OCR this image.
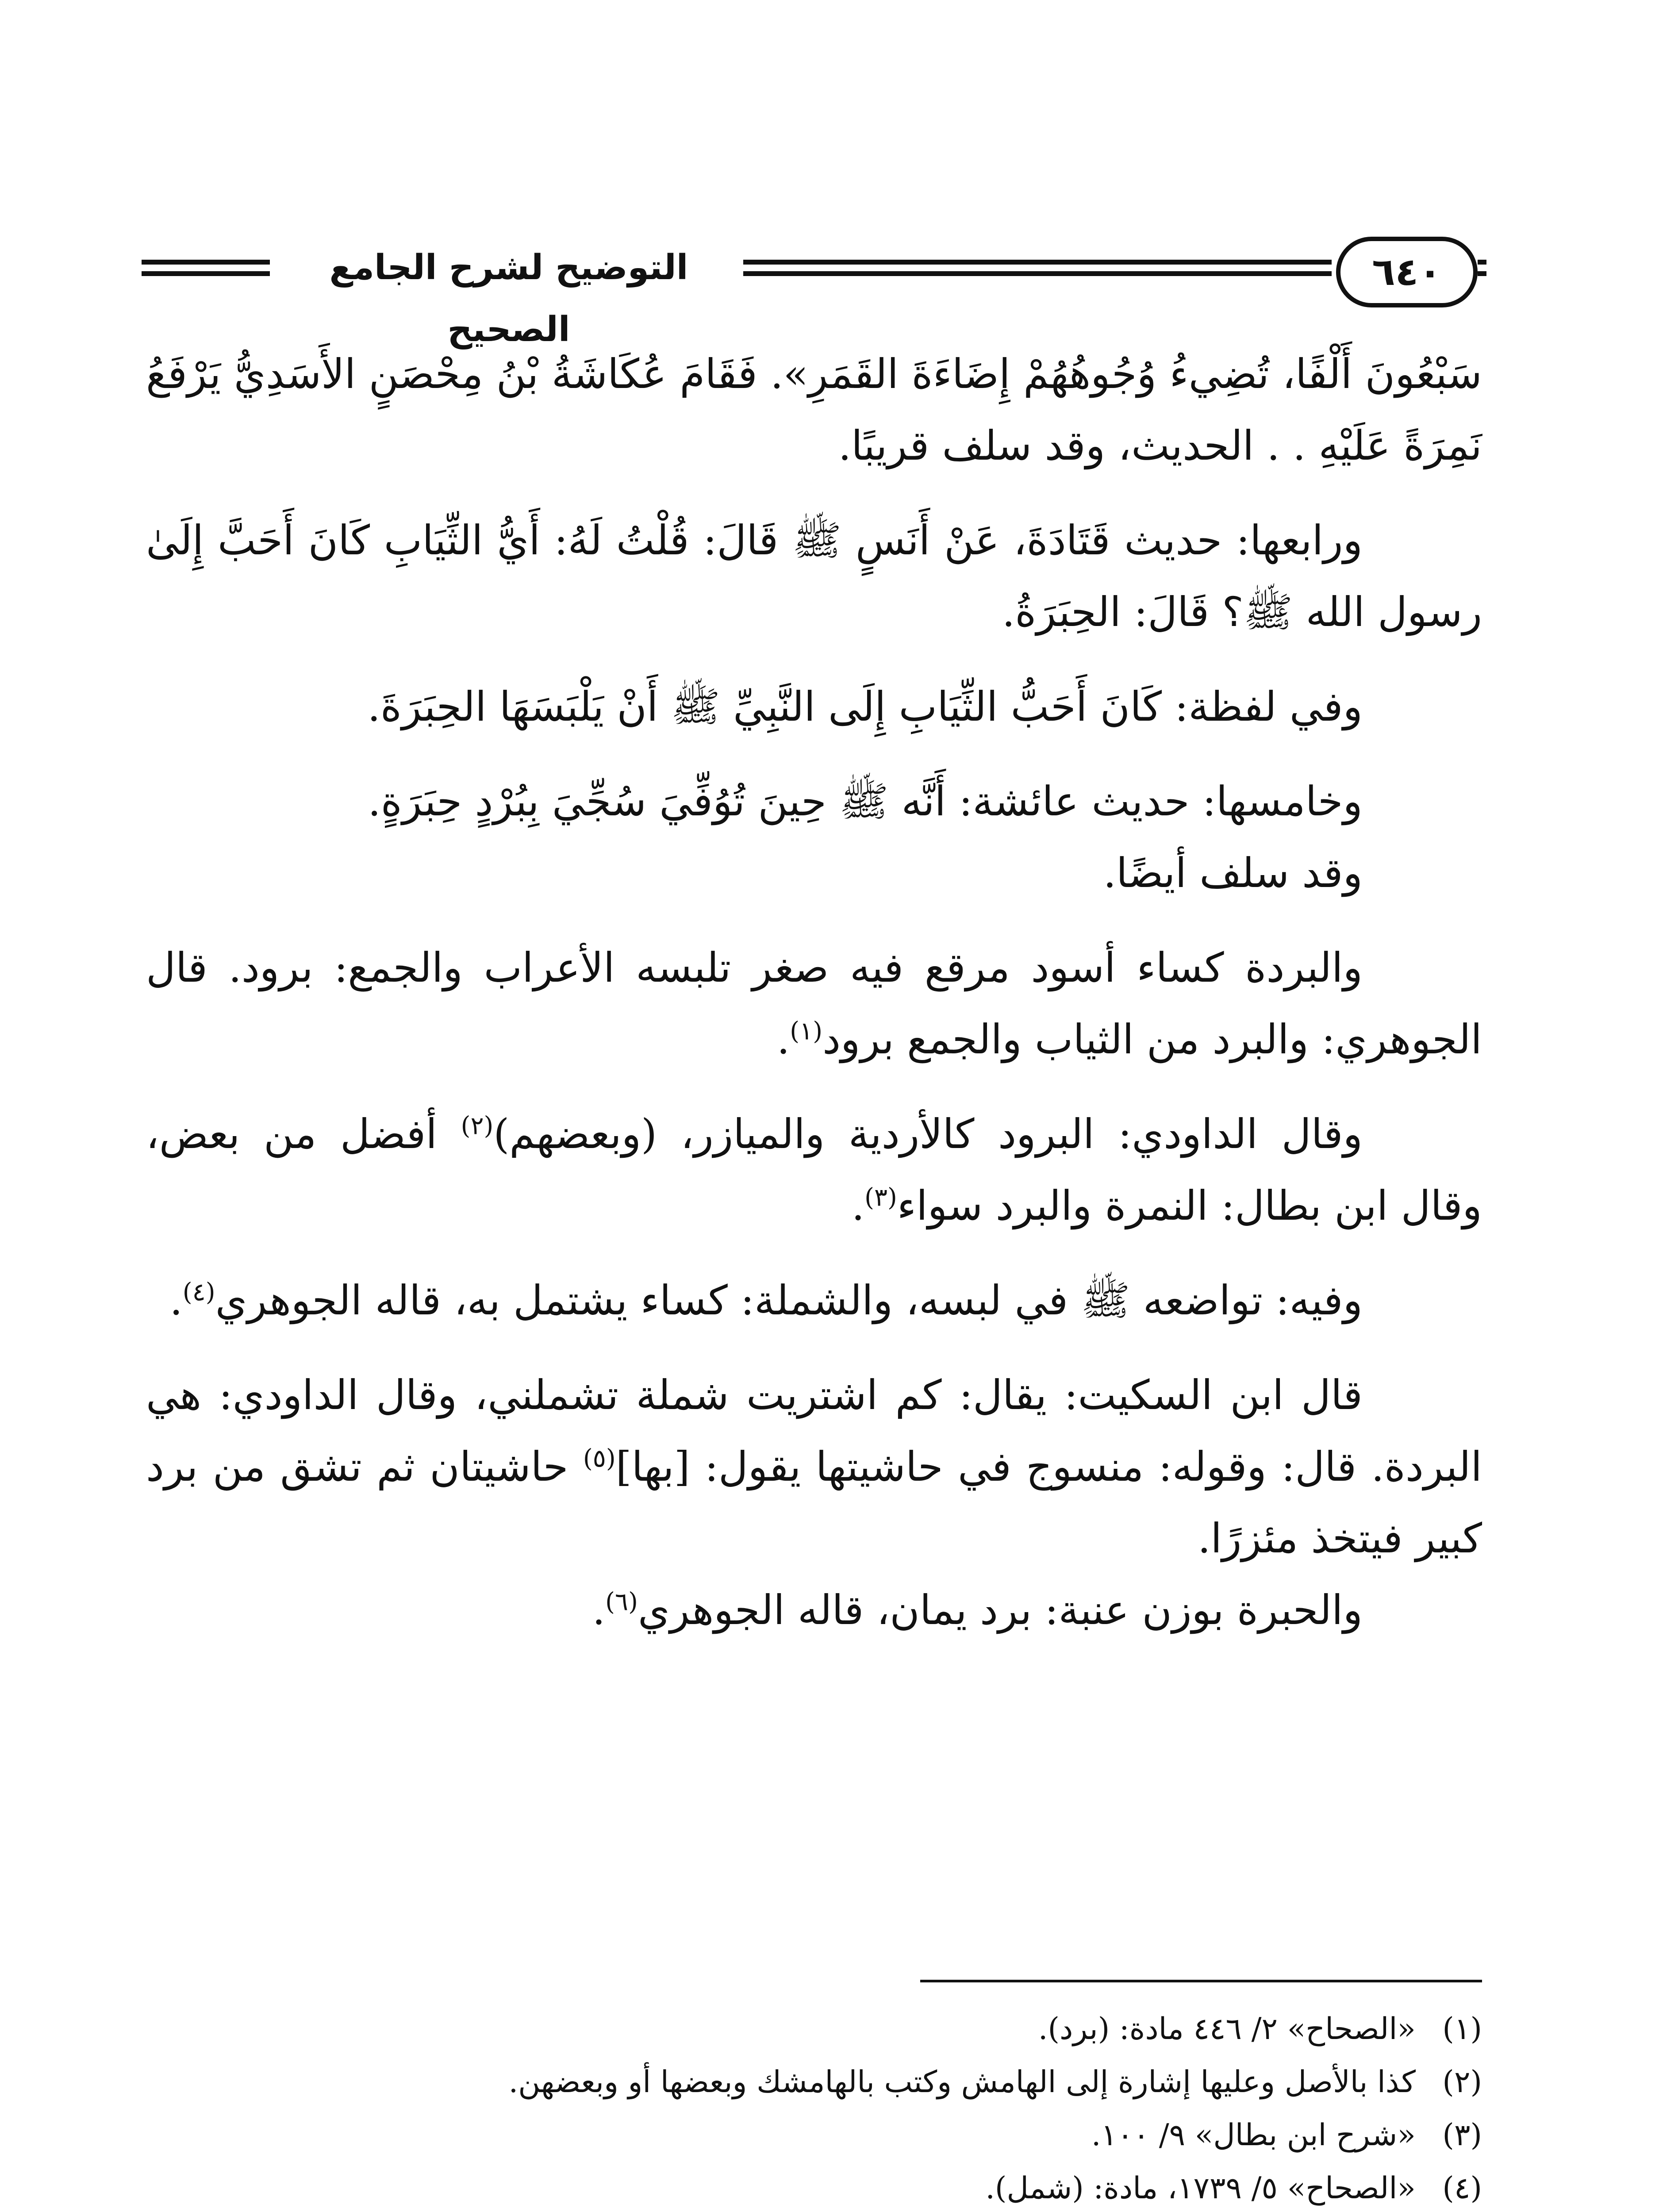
التوضيح لشرح الجامع الصحيح
٦٤٠

سَبْعُونَ أَلْفًا، تُضِيءُ وُجُوهُهُمْ إِضَاءَةَ القَمَرِ». فَقَامَ عُكَاشَةُ بْنُ مِحْصَنٍ الأَسَدِيُّ يَرْفَعُ نَمِرَةً عَلَيْهِ . . الحديث، وقد سلف قريبًا.

ورابعها: حديث قَتَادَةَ، عَنْ أَنَسٍ ﷺ قَالَ: قُلْتُ لَهُ: أَيُّ الثِّيَابِ كَانَ أَحَبَّ إِلَىٰ رسول الله ﷺ؟ قَالَ: الحِبَرَةُ.

وفي لفظة: كَانَ أَحَبُّ الثِّيَابِ إِلَى النَّبِيِّ ﷺ أَنْ يَلْبَسَهَا الحِبَرَةَ.

وخامسها: حديث عائشة: أَنَّه ﷺ حِينَ تُوُفِّيَ سُجِّيَ بِبُرْدٍ حِبَرَةٍ.

وقد سلف أيضًا.

والبردة كساء أسود مرقع فيه صغر تلبسه الأعراب والجمع: برود. قال الجوهري: والبرد من الثياب والجمع برود$^{(١)}$.

وقال الداودي: البرود كالأردية والميازر، (وبعضهم)$^{(٢)}$ أفضل من بعض، وقال ابن بطال: النمرة والبرد سواء$^{(٣)}$.

وفيه: تواضعه ﷺ في لبسه، والشملة: كساء يشتمل به، قاله الجوهري$^{(٤)}$.

قال ابن السكيت: يقال: كم اشتريت شملة تشملني، وقال الداودي: هي البردة. قال: وقوله: منسوج في حاشيتها يقول: [بها]$^{(٥)}$ حاشيتان ثم تشق من برد كبير فيتخذ مئزرًا.

والحبرة بوزن عنبة: برد يمان، قاله الجوهري$^{(٦)}$.

(١)«الصحاح» ٢/ ٤٤٦ مادة: (برد).
(٢)كذا بالأصل وعليها إشارة إلى الهامش وكتب بالهامشك وبعضها أو وبعضهن.
(٣)«شرح ابن بطال» ٩/ ١٠٠.
(٤)«الصحاح» ٥/ ١٧٣٩، مادة: (شمل).
